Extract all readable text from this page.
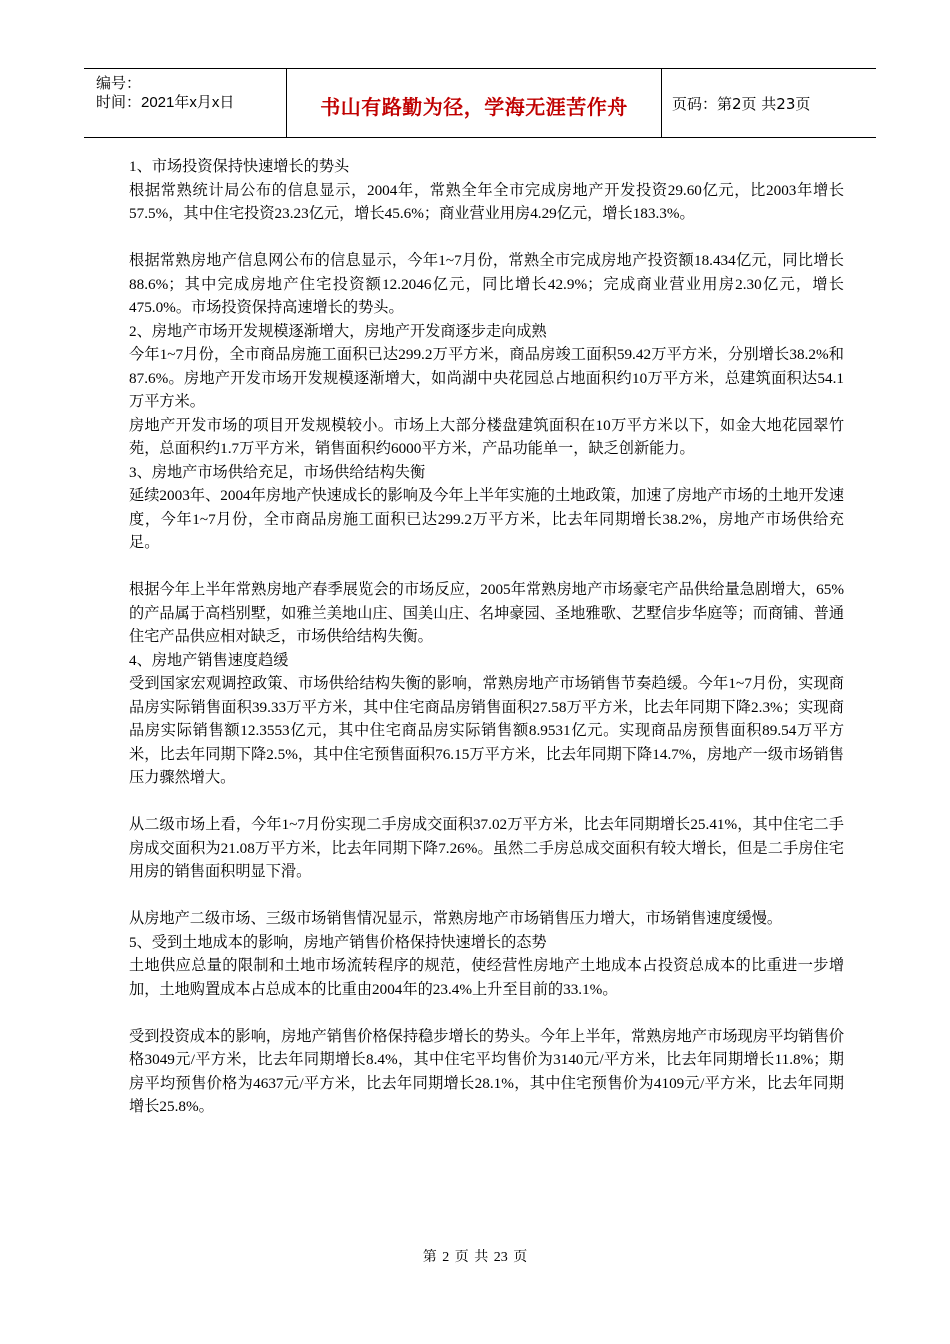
编号：
时间：2021年x月x日	书山有路勤为径，学海无涯苦作舟	页码：第2页 共23页

1、市场投资保持快速增长的势头

根据常熟统计局公布的信息显示，2004年，常熟全年全市完成房地产开发投资29.60亿元，比2003年增长57.5%，其中住宅投资23.23亿元，增长45.6%；商业营业用房4.29亿元，增长183.3%。

根据常熟房地产信息网公布的信息显示，今年1~7月份，常熟全市完成房地产投资额18.434亿元，同比增长88.6%；其中完成房地产住宅投资额12.2046亿元，同比增长42.9%；完成商业营业用房2.30亿元，增长475.0%。市场投资保持高速增长的势头。

2、房地产市场开发规模逐渐增大，房地产开发商逐步走向成熟

今年1~7月份，全市商品房施工面积已达299.2万平方米，商品房竣工面积59.42万平方米，分别增长38.2%和87.6%。房地产开发市场开发规模逐渐增大，如尚湖中央花园总占地面积约10万平方米，总建筑面积达54.1万平方米。

房地产开发市场的项目开发规模较小。市场上大部分楼盘建筑面积在10万平方米以下，如金大地花园翠竹苑，总面积约1.7万平方米，销售面积约6000平方米，产品功能单一，缺乏创新能力。

3、房地产市场供给充足，市场供给结构失衡

延续2003年、2004年房地产快速成长的影响及今年上半年实施的土地政策，加速了房地产市场的土地开发速度，今年1~7月份，全市商品房施工面积已达299.2万平方米，比去年同期增长38.2%，房地产市场供给充足。

根据今年上半年常熟房地产春季展览会的市场反应，2005年常熟房地产市场豪宅产品供给量急剧增大，65%的产品属于高档别墅，如雅兰美地山庄、国美山庄、名坤豪园、圣地雅歌、艺墅信步华庭等；而商铺、普通住宅产品供应相对缺乏，市场供给结构失衡。

4、房地产销售速度趋缓

受到国家宏观调控政策、市场供给结构失衡的影响，常熟房地产市场销售节奏趋缓。今年1~7月份，实现商品房实际销售面积39.33万平方米，其中住宅商品房销售面积27.58万平方米，比去年同期下降2.3%；实现商品房实际销售额12.3553亿元，其中住宅商品房实际销售额8.9531亿元。实现商品房预售面积89.54万平方米，比去年同期下降2.5%，其中住宅预售面积76.15万平方米，比去年同期下降14.7%，房地产一级市场销售压力骤然增大。

从二级市场上看，今年1~7月份实现二手房成交面积37.02万平方米，比去年同期增长25.41%，其中住宅二手房成交面积为21.08万平方米，比去年同期下降7.26%。虽然二手房总成交面积有较大增长，但是二手房住宅用房的销售面积明显下滑。

从房地产二级市场、三级市场销售情况显示，常熟房地产市场销售压力增大，市场销售速度缓慢。

5、受到土地成本的影响，房地产销售价格保持快速增长的态势

土地供应总量的限制和土地市场流转程序的规范，使经营性房地产土地成本占投资总成本的比重进一步增加，土地购置成本占总成本的比重由2004年的23.4%上升至目前的33.1%。

受到投资成本的影响，房地产销售价格保持稳步增长的势头。今年上半年，常熟房地产市场现房平均销售价格3049元/平方米，比去年同期增长8.4%，其中住宅平均售价为3140元/平方米，比去年同期增长11.8%；期房平均预售价格为4637元/平方米，比去年同期增长28.1%，其中住宅预售价为4109元/平方米，比去年同期增长25.8%。

第 2 页 共 23 页
